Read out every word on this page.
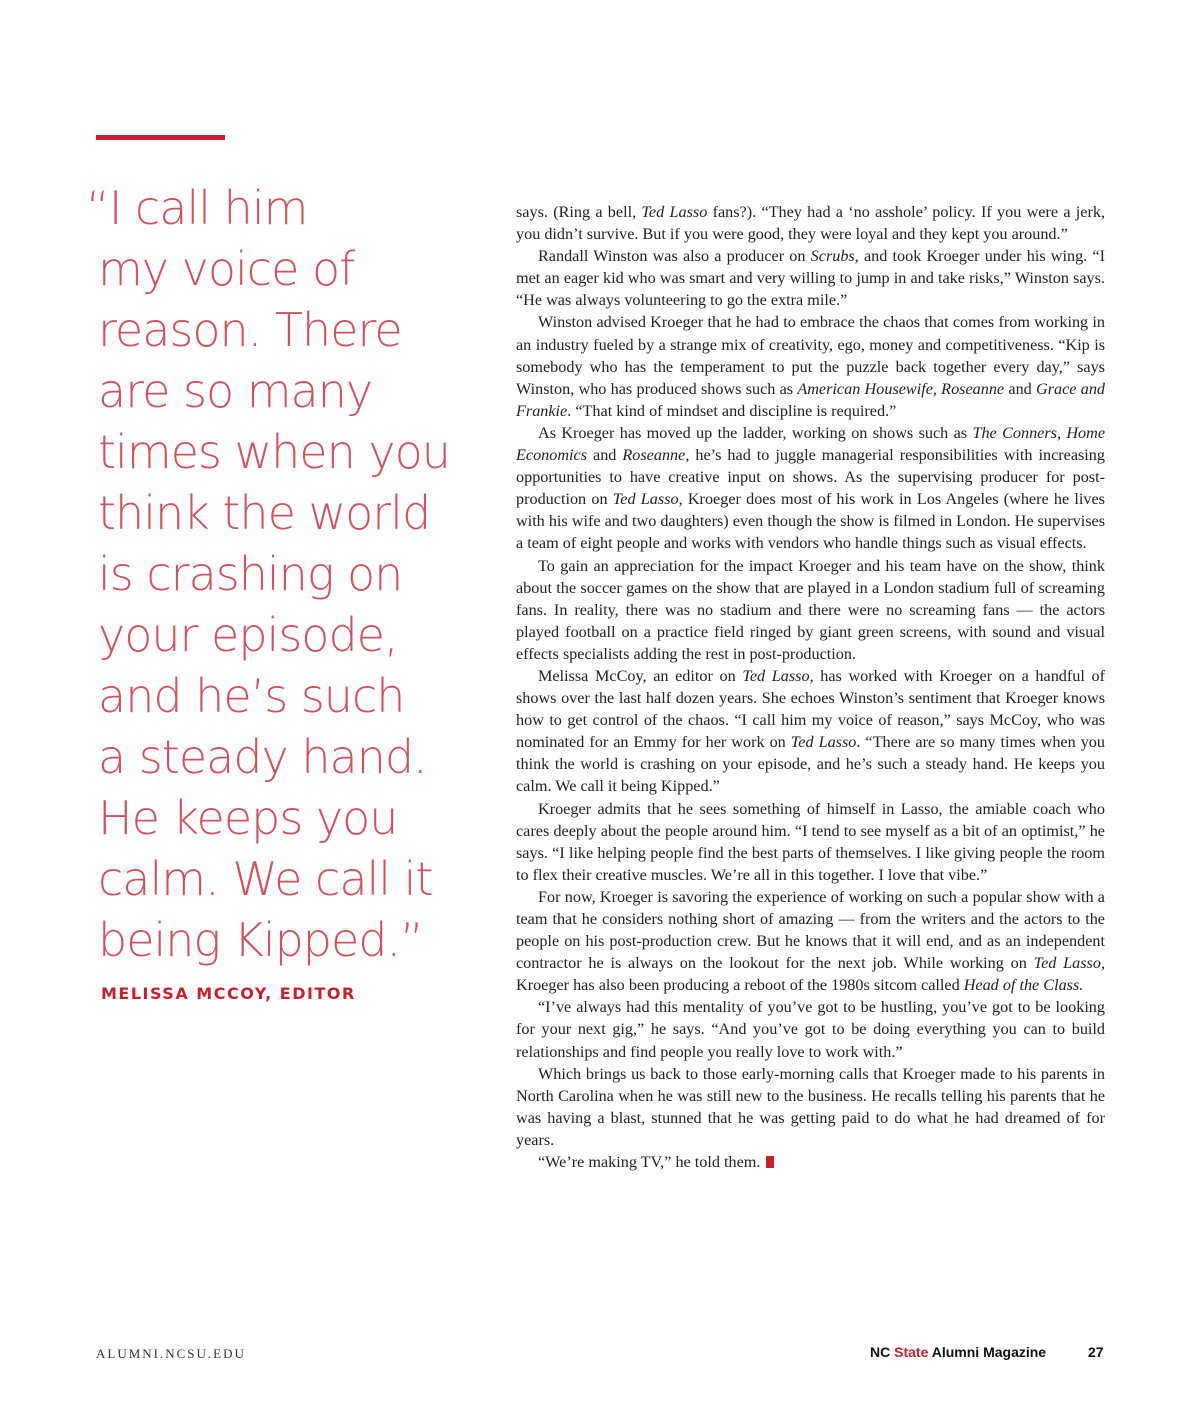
“I call him
my voice of
reason. There
are so many
times when you
think the world
is crashing on
your episode,
and he’s such
a steady hand.
He keeps you
calm. We call it
being Kipped.”

MELISSA MCCOY, EDITOR

says. (Ring a bell, Ted Lasso fans?). “They had a ‘no asshole’ policy. If you were a jerk, you didn’t survive. But if you were good, they were loyal and they kept you around.”

Randall Winston was also a producer on Scrubs, and took Kroeger under his wing. “I met an eager kid who was smart and very willing to jump in and take risks,” Winston says. “He was always volunteering to go the extra mile.”

Winston advised Kroeger that he had to embrace the chaos that comes from working in an industry fueled by a strange mix of creativity, ego, money and competitiveness. “Kip is somebody who has the temperament to put the puzzle back together every day,” says Winston, who has produced shows such as American Housewife, Roseanne and Grace and Frankie. “That kind of mindset and discipline is required.”

As Kroeger has moved up the ladder, working on shows such as The Conners, Home Economics and Roseanne, he’s had to juggle managerial responsibilities with increasing opportunities to have creative input on shows. As the supervising producer for post-production on Ted Lasso, Kroeger does most of his work in Los Angeles (where he lives with his wife and two daughters) even though the show is filmed in London. He supervises a team of eight people and works with vendors who handle things such as visual effects.

To gain an appreciation for the impact Kroeger and his team have on the show, think about the soccer games on the show that are played in a London stadium full of screaming fans. In reality, there was no stadium and there were no screaming fans — the actors played football on a practice field ringed by giant green screens, with sound and visual effects specialists adding the rest in post-production.

Melissa McCoy, an editor on Ted Lasso, has worked with Kroeger on a handful of shows over the last half dozen years. She echoes Winston’s sentiment that Kroeger knows how to get control of the chaos. “I call him my voice of reason,” says McCoy, who was nominated for an Emmy for her work on Ted Lasso. “There are so many times when you think the world is crashing on your episode, and he’s such a steady hand. He keeps you calm. We call it being Kipped.”

Kroeger admits that he sees something of himself in Lasso, the amiable coach who cares deeply about the people around him. “I tend to see myself as a bit of an optimist,” he says. “I like helping people find the best parts of themselves. I like giving people the room to flex their creative muscles. We’re all in this together. I love that vibe.”

For now, Kroeger is savoring the experience of working on such a popular show with a team that he considers nothing short of amazing — from the writers and the actors to the people on his post-production crew. But he knows that it will end, and as an independent contractor he is always on the lookout for the next job. While working on Ted Lasso, Kroeger has also been producing a reboot of the 1980s sitcom called Head of the Class.

“I’ve always had this mentality of you’ve got to be hustling, you’ve got to be looking for your next gig,” he says. “And you’ve got to be doing everything you can to build relationships and find people you really love to work with.”

Which brings us back to those early-morning calls that Kroeger made to his parents in North Carolina when he was still new to the business. He recalls telling his parents that he was having a blast, stunned that he was getting paid to do what he had dreamed of for years.

“We’re making TV,” he told them.

ALUMNI.NCSU.EDU	NC State Alumni Magazine	27
